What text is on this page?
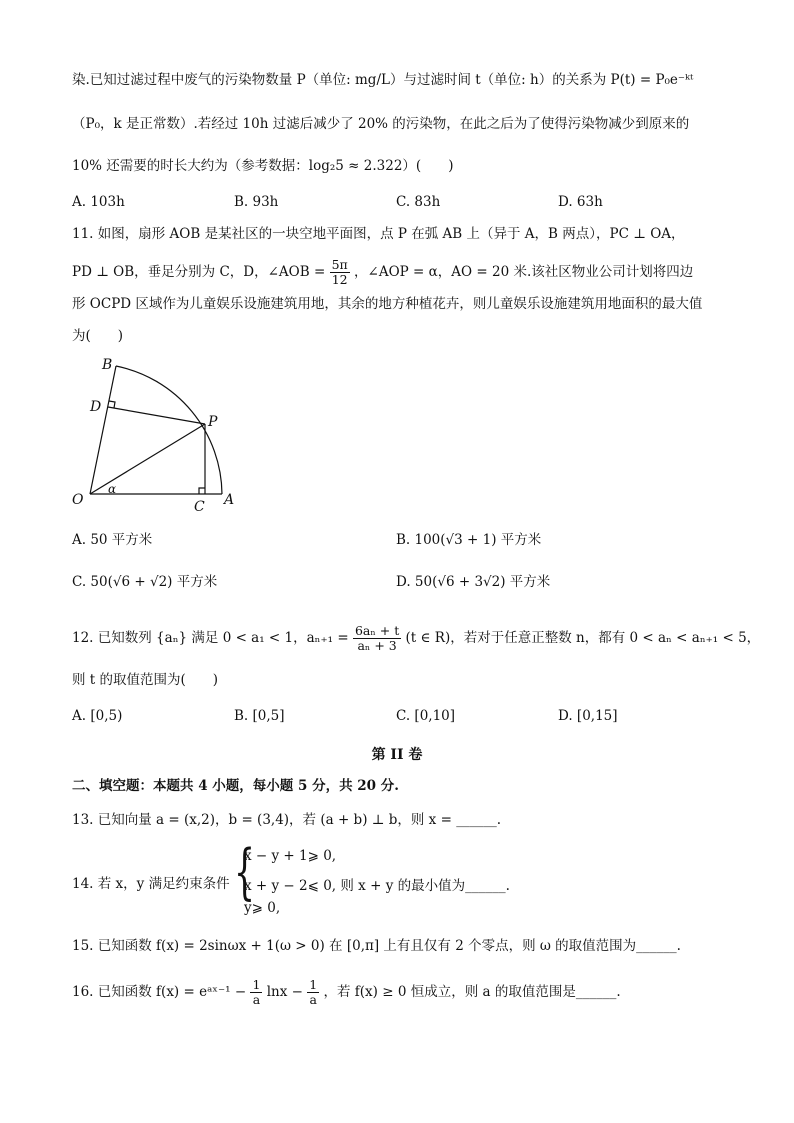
染.已知过滤过程中废气的污染物数量 P（单位: mg/L）与过滤时间 t（单位: h）的关系为 P(t) = P₀e⁻ᵏᵗ
（P₀，k 是正常数）.若经过 10h 过滤后减少了 20% 的污染物，在此之后为了使得污染物减少到原来的
10% 还需要的时长大约为（参考数据：log₂5 ≈ 2.322）(　　)
A. 103h	B. 93h	C. 83h	D. 63h
11. 如图，扇形 AOB 是某社区的一块空地平面图，点 P 在弧 AB 上（异于 A，B 两点），PC ⊥ OA，
PD ⊥ OB，垂足分别为 C，D，∠AOB = $\frac{5\pi}{12}$ ，∠AOP = α，AO = 20 米.该社区物业公司计划将四边
形 OCPD 区域作为儿童娱乐设施建筑用地，其余的地方种植花卉，则儿童娱乐设施建筑用地面积的最大值
为(　　)
B
D
P
O
α
C A
A. 50 平方米	B. 100(√3 + 1) 平方米
C. 50(√6 + √2) 平方米	D. 50(√6 + 3√2) 平方米
12. 已知数列 {aₙ} 满足 0 < a₁ < 1，$a_{n+1} = \frac{\text{6aₙ + t}}{\text{aₙ + 3}} (t$ ∈ R)，若对于任意正整数 n，都有 0 < aₙ < aₙ₊₁ < 5，
则 t 的取值范围为(　　)
A. [0,5)	B. [0,5]	C. [0,10]	D. [0,15]
第 II 卷
二、填空题：本题共 4 小题，每小题 5 分，共 20 分.
13. 已知向量 a = (x,2)，b = (3,4)，若 (a + b) ⊥ b，则 x = ______.
14. 若 x，y 满足约束条件 {
x − y + 1⩾ 0,
x + y − 2⩽ 0, 则 x + y 的最小值为______.
y⩾ 0,
15. 已知函数 f(x) = 2sinωx + 1(ω > 0) 在 [0,π] 上有且仅有 2 个零点，则 ω 的取值范围为______.
16. 已知函数 f(x) = eᵃˣ⁻¹ − $\frac{1}{a}$ $\ln x - \frac{1}{a}$ ，若 f(x) ≥ 0 恒成立，则 a 的取值范围是______.
